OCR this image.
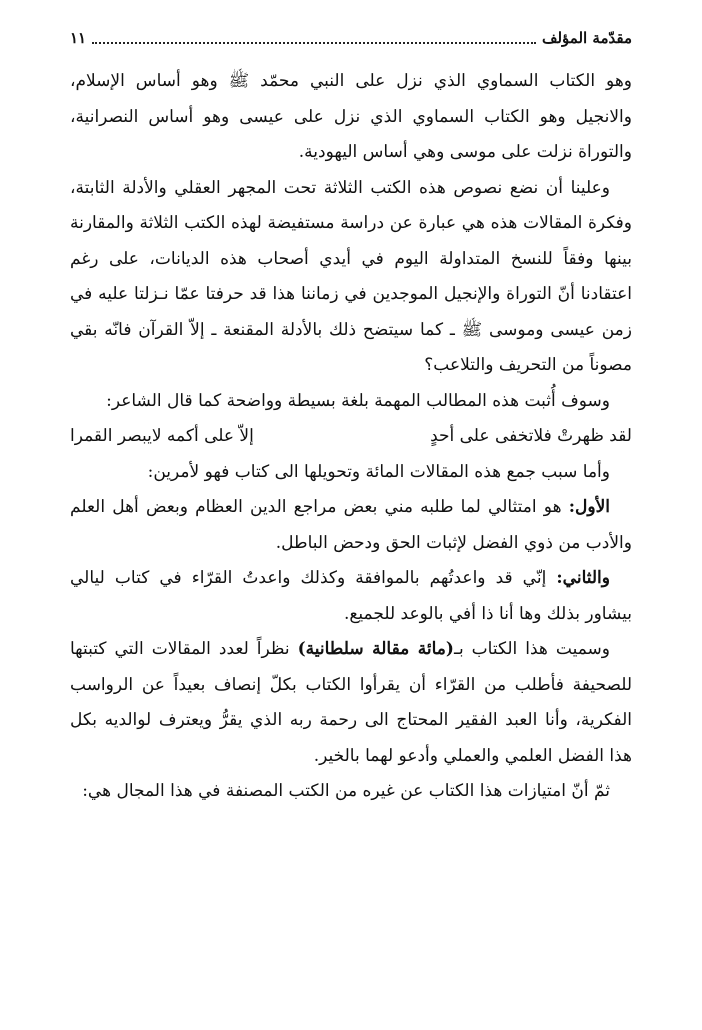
مقدّمة المؤلف
١١

وهو الكتاب السماوي الذي نزل على النبي محمّد ﷺ وهو أساس الإسلام، والانجيل وهو الكتاب السماوي الذي نزل على عيسى وهو أساس النصرانية، والتوراة نزلت على موسى وهي أساس اليهودية.

وعلينا أن نضع نصوص هذه الكتب الثلاثة تحت المجهر العقلي والأدلة الثابتة، وفكرة المقالات هذه هي عبارة عن دراسة مستفيضة لهذه الكتب الثلاثة والمقارنة بينها وفقاً للنسخ المتداولة اليوم في أيدي أصحاب هذه الديانات، على رغم اعتقادنا أنّ التوراة والإنجيل الموجدين في زماننا هذا قد حرفتا عمّا نـزلتا عليه في زمن عيسى وموسى ﷺ ـ كما سيتضح ذلك بالأدلة المقنعة ـ إلاّ القرآن فانّه بقي مصوناً من التحريف والتلاعب؟

وسوف أُثبت هذه المطالب المهمة بلغة بسيطة وواضحة كما قال الشاعر:

لقد ظهرتْ فلاتخفى على أحدٍ
إلاّ على أكمه لايبصر القمرا

وأما سبب جمع هذه المقالات المائة وتحويلها الى كتاب فهو لأمرين:

الأول: هو امتثالي لما طلبه مني بعض مراجع الدين العظام وبعض أهل العلم والأدب من ذوي الفضل لإثبات الحق ودحض الباطل.

والثاني: إنّي قد واعدتُهم بالموافقة وكذلك واعدتُ القرّاء في كتاب ليالي بيشاور بذلك وها أنا ذا أفي بالوعد للجميع.

وسميت هذا الكتاب بـ(مائة مقالة سلطانية) نظراً لعدد المقالات التي كتبتها للصحيفة فأطلب من القرّاء أن يقرأوا الكتاب بكلّ إنصاف بعيداً عن الرواسب الفكرية، وأنا العبد الفقير المحتاج الى رحمة ربه الذي يقرُّ ويعترف لوالديه بكل هذا الفضل العلمي والعملي وأدعو لهما بالخير.

ثمّ أنّ امتيازات هذا الكتاب عن غيره من الكتب المصنفة في هذا المجال هي:
